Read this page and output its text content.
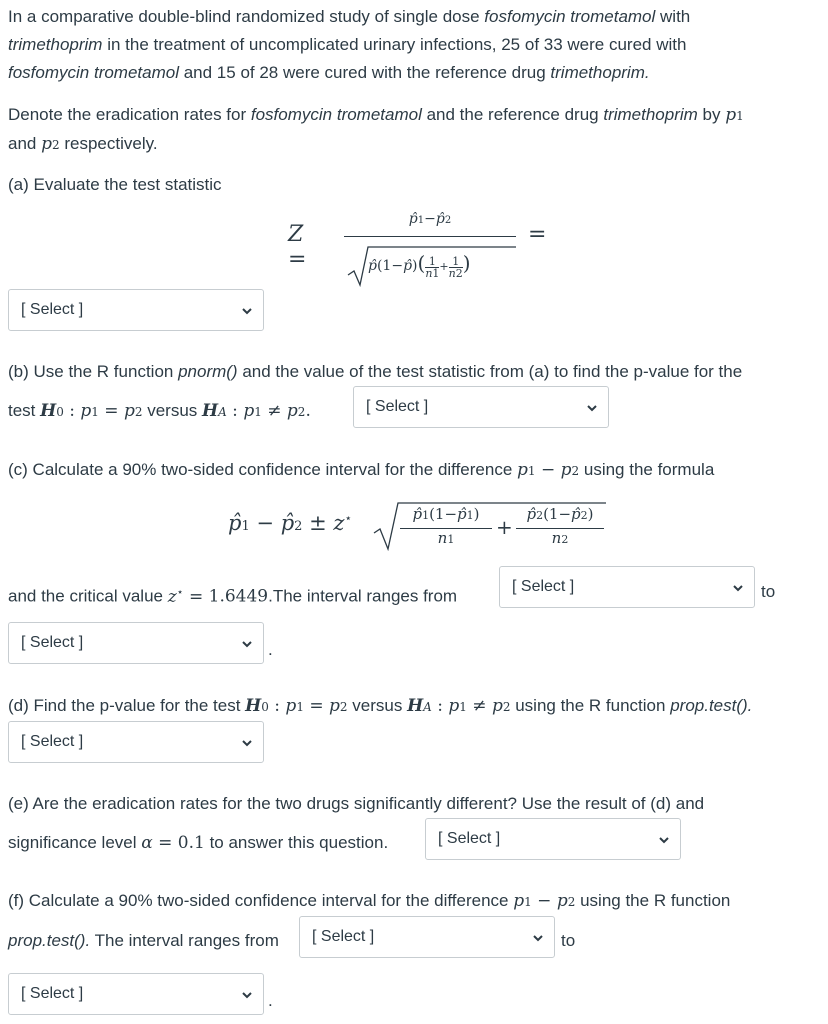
In a comparative double-blind randomized study of single dose fosfomycin trometamol with
trimethoprim in the treatment of uncomplicated urinary infections, 25 of 33 were cured with
fosfomycin trometamol and 15 of 28 were cured with the reference drug trimethoprim.
Denote the eradication rates for fosfomycin trometamol and the reference drug trimethoprim by p1
and p2 respectively.
(a) Evaluate the test statistic
Z =
p̂1−p̂2
p̂(1−p̂)( $\frac{1}{n1} + \frac{1}{n2}$ )
=
[ Select ]
(b) Use the R function pnorm() and the value of the test statistic from (a) to find the p-value for the
test H0 : p1 = p2 versus HA : p1 ≠ p2.	[ Select ]
(c) Calculate a 90% two-sided confidence interval for the difference p1 − p2 using the formula
p̂1 − p̂2 ± z⋆	p̂1(1−p̂1)
n1
+
p̂2(1−p̂2)
n2
and the critical value z⋆ = 1.6449.The interval ranges from
[ Select ]	to
[ Select ]	.
(d) Find the p-value for the test H0 : p1 = p2 versus HA : p1 ≠ p2 using the R function prop.test().
[ Select ]
(e) Are the eradication rates for the two drugs significantly different? Use the result of (d) and
significance level α = 0.1 to answer this question.	[ Select ]
(f) Calculate a 90% two-sided confidence interval for the difference p1 − p2 using the R function
prop.test(). The interval ranges from	[ Select ]	to
[ Select ]	.
